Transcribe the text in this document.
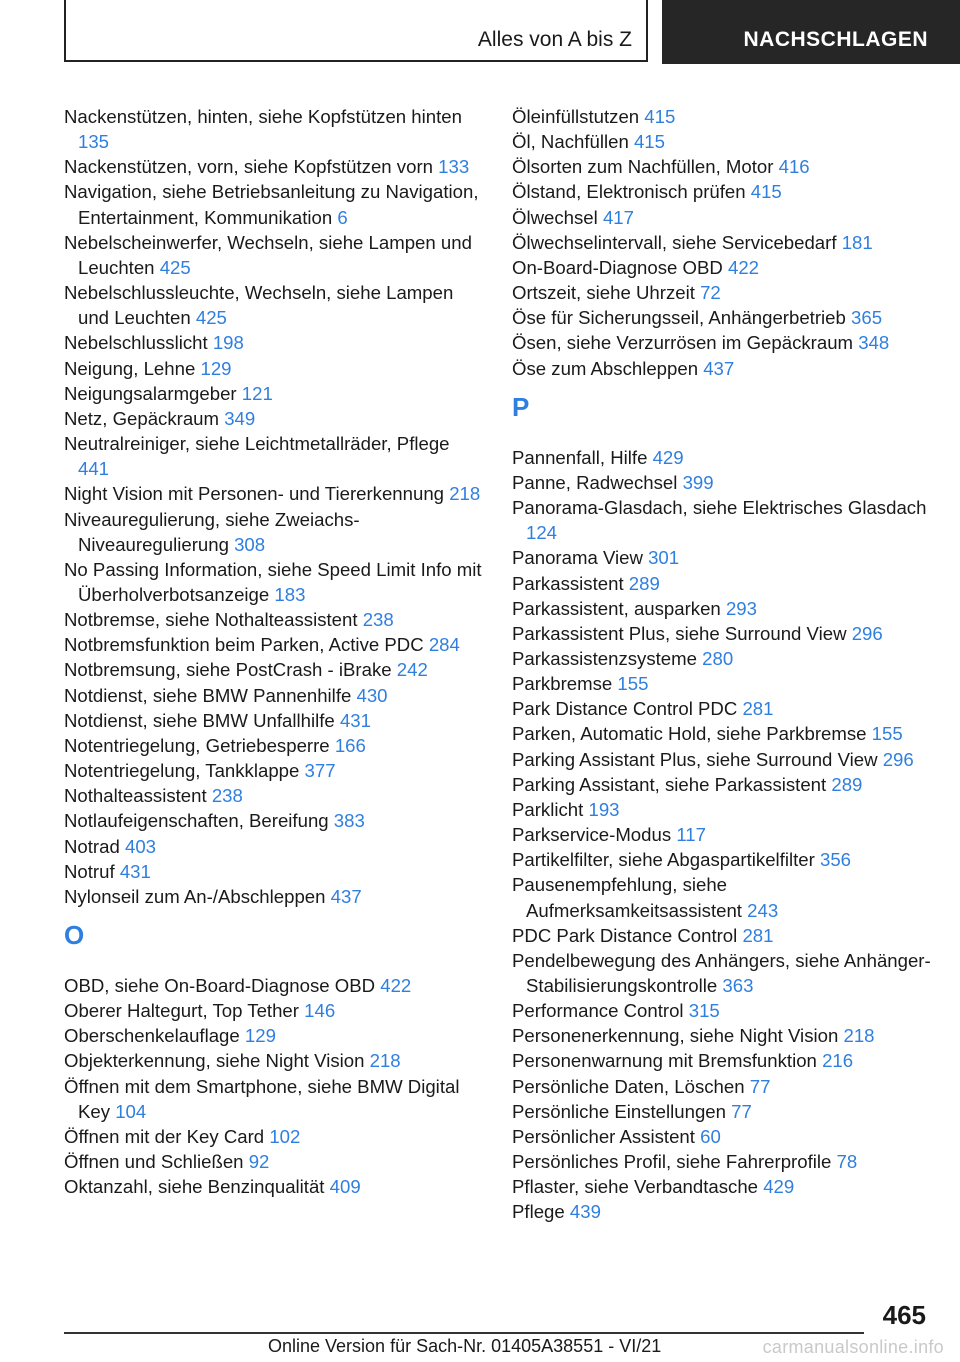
Alles von A bis Z	NACHSCHLAGEN
Nackenstützen, hinten, siehe Kopfstützen hinten 135
Nackenstützen, vorn, siehe Kopfstützen vorn 133
Navigation, siehe Betriebsanleitung zu Navigation, Entertainment, Kommunikation 6
Nebelscheinwerfer, Wechseln, siehe Lampen und Leuchten 425
Nebelschlussleuchte, Wechseln, siehe Lampen und Leuchten 425
Nebelschlusslicht 198
Neigung, Lehne 129
Neigungsalarmgeber 121
Netz, Gepäckraum 349
Neutralreiniger, siehe Leichtmetallräder, Pflege 441
Night Vision mit Personen- und Tiererkennung 218
Niveauregulierung, siehe Zweiachs-Niveauregulierung 308
No Passing Information, siehe Speed Limit Info mit Überholverbotsanzeige 183
Notbremse, siehe Nothalteassistent 238
Notbremsfunktion beim Parken, Active PDC 284
Notbremsung, siehe PostCrash - iBrake 242
Notdienst, siehe BMW Pannenhilfe 430
Notdienst, siehe BMW Unfallhilfe 431
Notentriegelung, Getriebesperre 166
Notentriegelung, Tankklappe 377
Nothalteassistent 238
Notlaufeigenschaften, Bereifung 383
Notrad 403
Notruf 431
Nylonseil zum An-/Abschleppen 437
O
OBD, siehe On-Board-Diagnose OBD 422
Oberer Haltegurt, Top Tether 146
Oberschenkelauflage 129
Objekterkennung, siehe Night Vision 218
Öffnen mit dem Smartphone, siehe BMW Digital Key 104
Öffnen mit der Key Card 102
Öffnen und Schließen 92
Oktanzahl, siehe Benzinqualität 409
Öleinfüllstutzen 415
Öl, Nachfüllen 415
Ölsorten zum Nachfüllen, Motor 416
Ölstand, Elektronisch prüfen 415
Ölwechsel 417
Ölwechselintervall, siehe Servicebedarf 181
On-Board-Diagnose OBD 422
Ortszeit, siehe Uhrzeit 72
Öse für Sicherungsseil, Anhängerbetrieb 365
Ösen, siehe Verzurrösen im Gepäckraum 348
Öse zum Abschleppen 437
P
Pannenfall, Hilfe 429
Panne, Radwechsel 399
Panorama-Glasdach, siehe Elektrisches Glasdach 124
Panorama View 301
Parkassistent 289
Parkassistent, ausparken 293
Parkassistent Plus, siehe Surround View 296
Parkassistenzsysteme 280
Parkbremse 155
Park Distance Control PDC 281
Parken, Automatic Hold, siehe Parkbremse 155
Parking Assistant Plus, siehe Surround View 296
Parking Assistant, siehe Parkassistent 289
Parklicht 193
Parkservice-Modus 117
Partikelfilter, siehe Abgaspartikelfilter 356
Pausenempfehlung, siehe Aufmerksamkeitsassistent 243
PDC Park Distance Control 281
Pendelbewegung des Anhängers, siehe Anhänger-Stabilisierungskontrolle 363
Performance Control 315
Personenerkennung, siehe Night Vision 218
Personenwarnung mit Bremsfunktion 216
Persönliche Daten, Löschen 77
Persönliche Einstellungen 77
Persönlicher Assistent 60
Persönliches Profil, siehe Fahrerprofile 78
Pflaster, siehe Verbandtasche 429
Pflege 439
465
Online Version für Sach-Nr. 01405A38551 - VI/21	carmanualsonline.info
